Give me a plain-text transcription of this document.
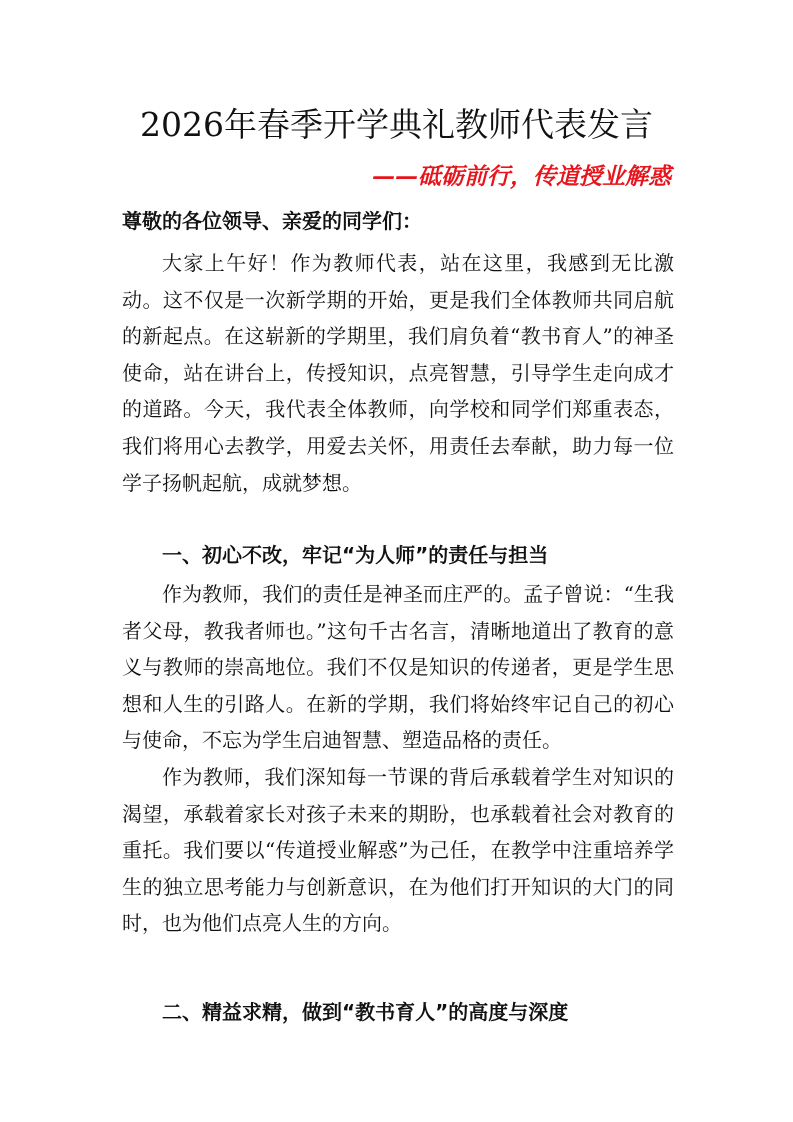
2026年春季开学典礼教师代表发言
——砥砺前行，传道授业解惑
尊敬的各位领导、亲爱的同学们：

大家上午好！作为教师代表，站在这里，我感到无比激动。这不仅是一次新学期的开始，更是我们全体教师共同启航的新起点。在这崭新的学期里，我们肩负着“教书育人”的神圣使命，站在讲台上，传授知识，点亮智慧，引导学生走向成才的道路。今天，我代表全体教师，向学校和同学们郑重表态，我们将用心去教学，用爱去关怀，用责任去奉献，助力每一位学子扬帆起航，成就梦想。

一、初心不改，牢记“为人师”的责任与担当

作为教师，我们的责任是神圣而庄严的。孟子曾说：“生我者父母，教我者师也。”这句千古名言，清晰地道出了教育的意义与教师的崇高地位。我们不仅是知识的传递者，更是学生思想和人生的引路人。在新的学期，我们将始终牢记自己的初心与使命，不忘为学生启迪智慧、塑造品格的责任。

作为教师，我们深知每一节课的背后承载着学生对知识的渴望，承载着家长对孩子未来的期盼，也承载着社会对教育的重托。我们要以“传道授业解惑”为己任，在教学中注重培养学生的独立思考能力与创新意识，在为他们打开知识的大门的同时，也为他们点亮人生的方向。

二、精益求精，做到“教书育人”的高度与深度
